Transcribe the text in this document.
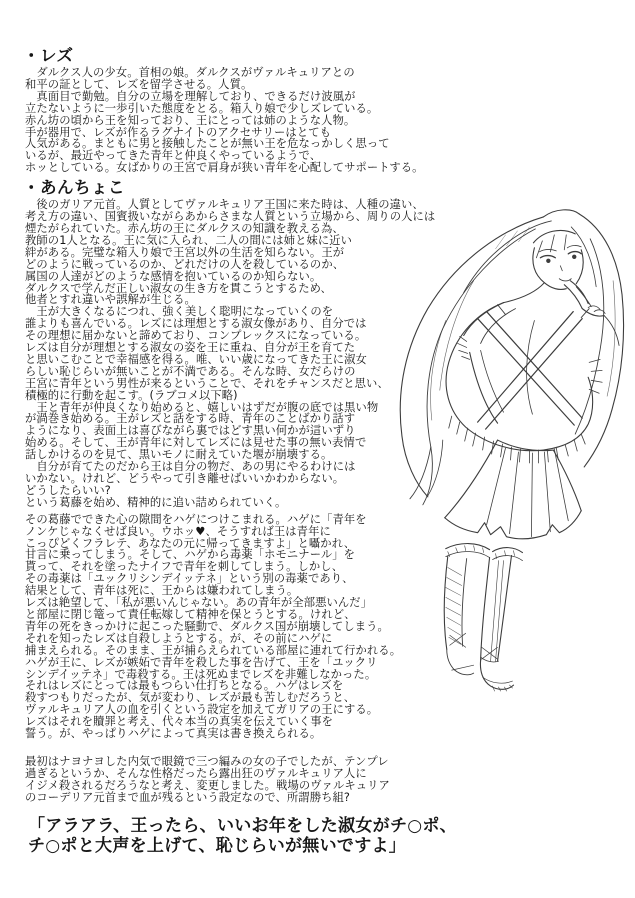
・レズ
　ダルクス人の少女。首相の娘。ダルクスがヴァルキュリアとの
和平の証として、レズを留学させる。人質。
　真面目で勤勉。自分の立場を理解しており、できるだけ波風が
立たないように一歩引いた態度をとる。箱入り娘で少しズレている。
赤ん坊の頃から王を知っており、王にとっては姉のような人物。
手が器用で、レズが作るラグナイトのアクセサリーはとても
人気がある。まともに男と接触したことが無い王を危なっかしく思って
いるが、最近やってきた青年と仲良くやっているようで、
ホッとしている。女ばかりの王宮で肩身が狭い青年を心配してサポートする。
・あんちょこ
　後のガリア元首。人質としてヴァルキュリア王国に来た時は、人種の違い、
考え方の違い、国賓扱いながらあからさまな人質という立場から、周りの人には
煙たがられていた。赤ん坊の王にダルクスの知識を教える為、
教師の1人となる。王に気に入られ、二人の間には姉と妹に近い
絆がある。完璧な箱入り娘で王宮以外の生活を知らない。王が
どのように戦っているのか、どれだけの人を殺しているのか、
属国の人達がどのような感情を抱いているのか知らない。
ダルクスで学んだ正しい淑女の生き方を貫こうとするため、
他者とすれ違いや誤解が生じる。
　王が大きくなるにつれ、強く美しく聡明になっていくのを
誰よりも喜んでいる。レズには理想とする淑女像があり、自分では
その理想に届かないと諦めており、コンプレックスになっている。
レズは自分が理想とする淑女の姿を王に重ね、自分が王を育てた
と思いこむことで幸福感を得る。唯、いい歳になってきた王に淑女
らしい恥じらいが無いことが不満である。そんな時、女だらけの
王宮に青年という男性が来るということで、それをチャンスだと思い、
積極的に行動を起こす。(ラブコメ以下略)
　王と青年が仲良くなり始めると、嬉しいはずだが腹の底では黒い物
が渦巻き始める。王がレズと話をする時、青年のことばかり話す
ようになり、表面上は喜びながら裏ではどす黒い何かが這いずり
始める。そして、王が青年に対してレズには見せた事の無い表情で
話しかけるのを見て、黒いモノに耐えていた堰が崩壊する。
　自分が育てたのだから王は自分の物だ、あの男にやるわけには
いかない。けれど、どうやって引き離せばいいかわからない。
どうしたらいい?
という葛藤を始め、精神的に追い詰められていく。
その葛藤でできた心の隙間をハゲにつけこまれる。ハゲに「青年を
ノンケじゃなくせば良い。ウホッ♥、そうすれば王は青年に
こっぴどくフラレテ、あなたの元に帰ってきますよ」と囁かれ、
甘言に乗ってしまう。そして、ハゲから毒薬「ホモニナール」を
貰って、それを塗ったナイフで青年を刺してしまう。しかし、
その毒薬は「ユックリシンデイッテネ」という別の毒薬であり、
結果として、青年は死に、王からは嫌われてしまう。
レズは絶望して、「私が悪いんじゃない。あの青年が全部悪いんだ」
と部屋に閉じ篭って責任転嫁して精神を保とうとする。けれど、
青年の死をきっかけに起こった騒動で、ダルクス国が崩壊してしまう。
それを知ったレズは自殺しようとする。が、その前にハゲに
捕まえられる。そのまま、王が捕らえられている部屋に連れて行かれる。
ハゲが王に、レズが嫉妬で青年を殺した事を告げて、王を「ユックリ
シンデイッテネ」で毒殺する。王は死ぬまでレズを非難しなかった。
それはレズにとっては最もつらい仕打ちとなる。ハゲはレズを
殺すつもりだったが、気が変わり、レズが最も苦しむだろうと、
ヴァルキュリア人の血を引くという設定を加えてガリアの王にする。
レズはそれを贖罪と考え、代々本当の真実を伝えていく事を
誓う。が、やっぱりハゲによって真実は書き換えられる。
最初はナヨナヨした内気で眼鏡で三つ編みの女の子でしたが、テンプレ
過ぎるというか、そんな性格だったら露出狂のヴァルキュリア人に
イジメ殺されるだろうなと考え、変更しました。戦場のヴァルキュリア
のコーデリア元首まで血が残るという設定なので、所謂勝ち組?
「アラアラ、王ったら、いいお年をした淑女がチ○ポ、
チ○ポと大声を上げて、恥じらいが無いですよ」
